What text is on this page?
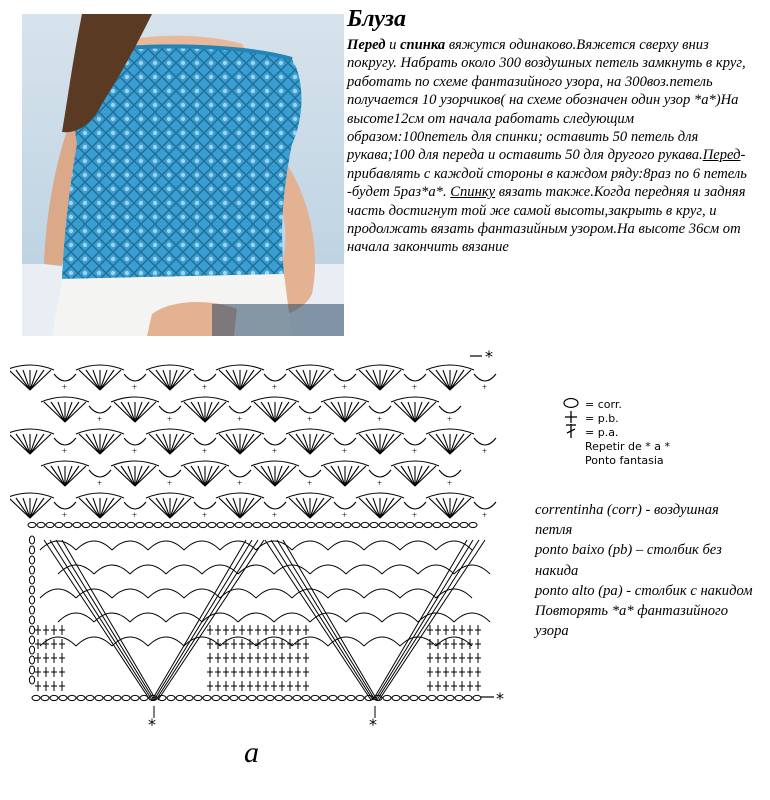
Блуза

Перед и спинка вяжутся одинаково.Вяжется сверху вниз покругу. Набрать около 300 воздушных петель замкнуть в круг, работать по схеме фантазийного узора, на 300воз.петель получается 10 узорчиков( на схеме обозначен один узор *а*)На высоте12см от начала работать следующим образом:100петель для спинки; оставить 50 петель для рукава;100 для переда и оставить 50 для другого рукава.Перед-прибавлять с каждой стороны в каждом ряду:8раз по 6 петель -будет 5раз*а*. Спинку вязать также.Когда передняя и задняя часть достигнут той же самой высоты,закрыть в круг, и продолжать вязать фантазийным узором.На высоте 36см от начала закончить вязание

+	+	+	+	+	+	+
+	+	+	+	+	+
+	+	+	+	+	+	+
+	+	+	+	+	+
+	+	+	+	+	+	+
*
*
*	*
= corr.
= p.b.
= p.a.
Repetir de * a *
Ponto fantasia

correntinha (corr) - воздушная петля

ponto baixo (pb) – столбик без накида

ponto alto (pa) - столбик с накидом

Повторять *а* фантазийного узора

a
